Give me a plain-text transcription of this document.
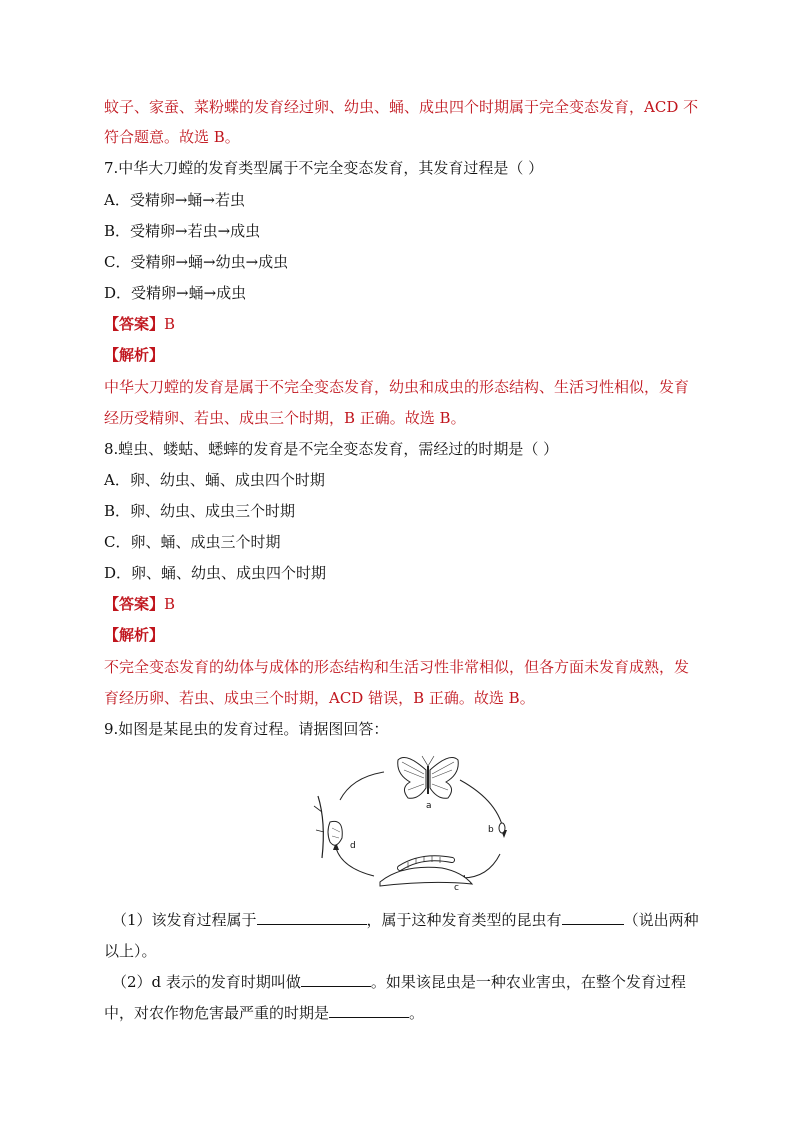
蚊子、家蚕、菜粉蝶的发育经过卵、幼虫、蛹、成虫四个时期属于完全变态发育，ACD 不
符合题意。故选 B。
7.中华大刀螳的发育类型属于不完全变态发育，其发育过程是（ ）
A．受精卵→蛹→若虫
B．受精卵→若虫→成虫
C．受精卵→蛹→幼虫→成虫
D．受精卵→蛹→成虫
【答案】B
【解析】
中华大刀螳的发育是属于不完全变态发育，幼虫和成虫的形态结构、生活习性相似，发育
经历受精卵、若虫、成虫三个时期，B 正确。故选 B。
8.蝗虫、蝼蛄、蟋蟀的发育是不完全变态发育，需经过的时期是（ ）
A．卵、幼虫、蛹、成虫四个时期
B．卵、幼虫、成虫三个时期
C．卵、蛹、成虫三个时期
D．卵、蛹、幼虫、成虫四个时期
【答案】B
【解析】
不完全变态发育的幼体与成体的形态结构和生活习性非常相似，但各方面未发育成熟，发
育经历卵、若虫、成虫三个时期，ACD 错误，B 正确。故选 B。
9.如图是某昆虫的发育过程。请据图回答：
a
b
c
d
（1）该发育过程属于	，属于这种发育类型的昆虫有	（说出两种
以上）。
（2）d 表示的发育时期叫做	。如果该昆虫是一种农业害虫，在整个发育过程
中，对农作物危害最严重的时期是	。
